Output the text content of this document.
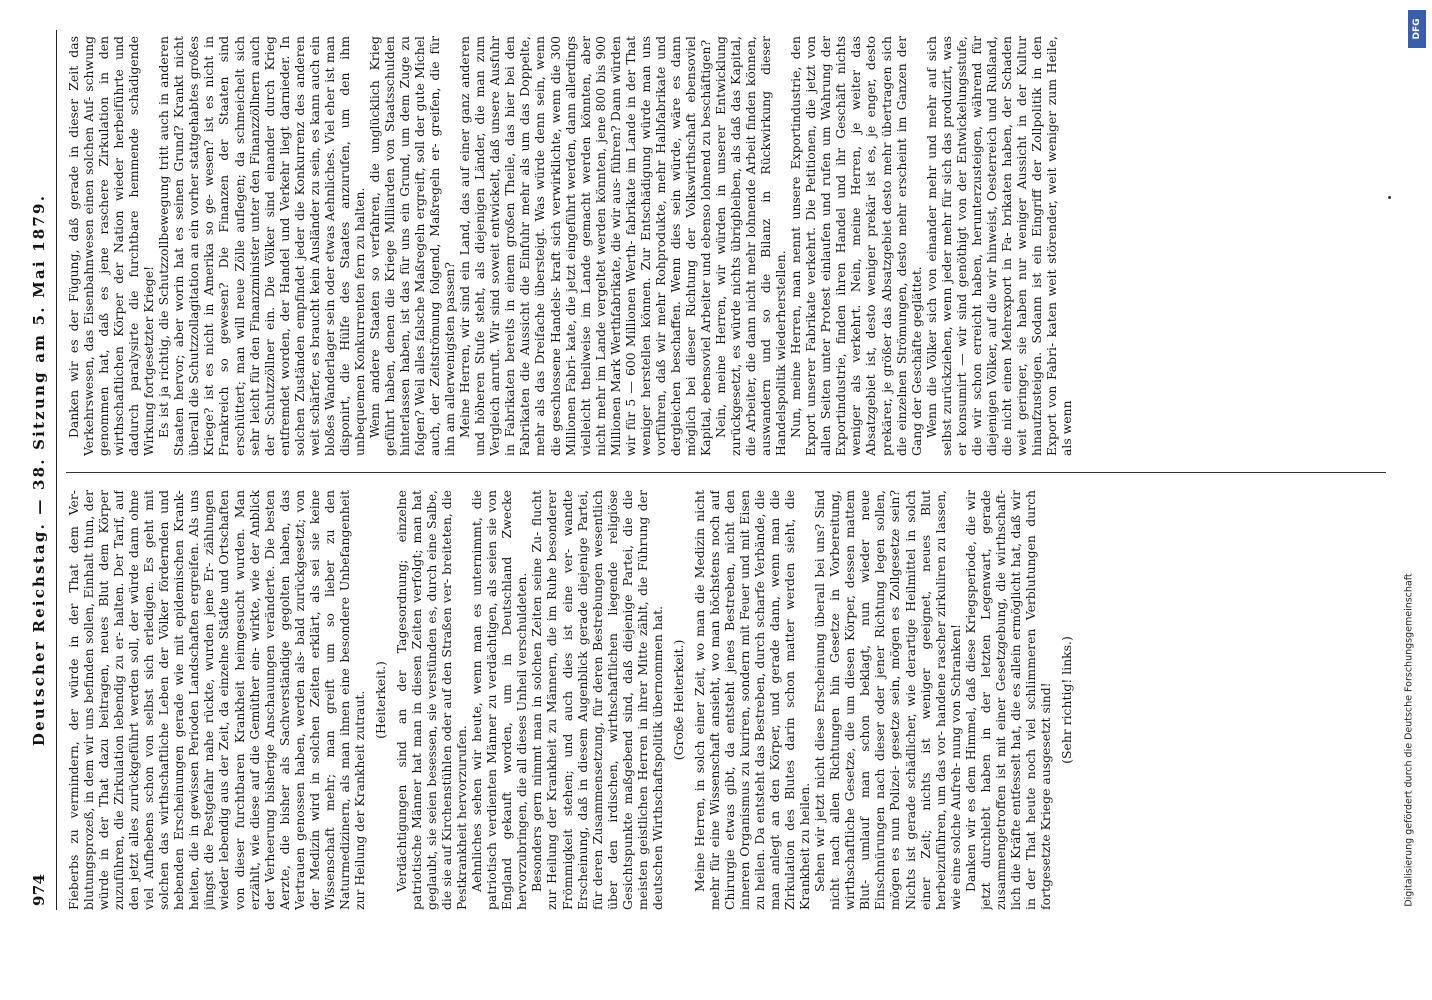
974
Deutscher Reichstag. — 38. Sitzung am 5. Mai 1879. Fieberbs zu vermindern, der würde in der That dem Ver- blutungsprozeß, in dem wir uns befinden sollen, Einhalt thun, der würde in der That dazu beitragen, neues Blut dem Körper zuzuführen, die Zirkulation lebendig zu er- halten. Der Tarif, auf den jetzt alles zurückgeführt werden soll, der würde dann ohne viel Aufhebens schon von selbst sich erledigen. Es geht mit solchen das wirthschaftliche Leben der Völker fördernden und hebenden Erscheinungen gerade wie mit epidemischen Krank- heiten, die in gewissen Perioden Landschaften ergreifen. Als uns jüngst die Pestgefahr nahe rückte, wurden jene Er- zählungen wieder lebendig aus der Zeit, da einzelne Städte und Ortschaften von dieser furchtbaren Krankheit heimgesucht wurden. Man erzählt, wie diese auf die Gemüther ein- wirkte, wie der Anblick der Verheerung bisherige Anschauungen veränderte. Die besten Aerzte, die bisher als Sachverständige gegolten haben, das Vertrauen genossen haben, werden als- bald zurückgesetzt; von der Medizin wird in solchen Zeiten erklärt, als sei sie keine Wissenschaft mehr; man greift um so lieber zu den Naturmedizinern, als man ihnen eine besondere Unbefangenheit zur Heilung der Krankheit zutraut. (Heiterkeit.) Verdächtigungen sind an der Tagesordnung; einzelne patriotische Männer hat man in diesen Zeiten verfolgt; man hat geglaubt, sie seien besessen, sie verstünden es, durch eine Salbe, die sie auf Kirchenstühlen oder auf den Straßen ver- breiteten, die Pestkrankheit hervorzurufen. Aehnliches sehen wir heute, wenn man es unternimmt, die patriotisch verdienten Männer zu verdächtigen, als seien sie von England gekauft worden, um in Deutschland Zwecke hervorzubringen, die all dieses Unheil verschuldeten. Besonders gern nimmt man in solchen Zeiten seine Zu- flucht zur Heilung der Krankheit zu Männern, die im Ruhe besonderer Frömmigkeit stehen; und auch dies ist eine ver- wandte Erscheinung, daß in diesem Augenblick gerade diejenige Partei, für deren Zusammensetzung, für deren Bestrebungen wesentlich über den irdischen, wirthschaftlichen liegende religiöse Gesichtspunkte maßgebend sind, daß diejenige Partei, die die meisten geistlichen Herren in ihrer Mitte zählt, die Führung der deutschen Wirthschaftspolitik übernommen hat. (Große Heiterkeit.) Meine Herren, in solch einer Zeit, wo man die Medizin nicht mehr für eine Wissenschaft ansieht, wo man höchstens noch auf Chirurgie etwas gibt, da entsteht jenes Bestreben, nicht den inneren Organismus zu kuriren, sondern mit Feuer und mit Eisen zu heilen. Da entsteht das Bestreben, durch scharfe Verbände, die man anlegt an den Körper, und gerade dann, wenn man die Zirkulation des Blutes darin schon matter werden sieht, die Krankheit zu heilen. Sehen wir jetzt nicht diese Erscheinung überall bei uns? Sind nicht nach allen Richtungen hin Gesetze in Vorbereitung, wirthschaftliche Gesetze, die um diesen Körper, dessen mattem Blut- umlauf man schon beklagt, nun wieder neue Einschnürungen nach dieser oder jener Richtung legen sollen, mögen es nun Polizei- gesetze sein, mögen es Zollgesetze sein? Nichts ist gerade schädlicher, wie derartige Heilmittel in solch einer Zeit; nichts ist weniger geeignet, neues Blut herbeizuführen, um das vor- handene rascher zirkuliren zu lassen, wie eine solche Aufreh- nung von Schranken! Danken wir es dem Himmel, daß diese Kriegsperiode, die wir jetzt durchlebt haben in der letzten Legenwart, gerade zusammengetroffen ist mit einer Gesetzgebung, die wirthschaft- lich die Kräfte entfesselt hat, die es allein ermöglicht hat, daß wir in der That heute noch viel schlimmeren Verblutungen durch fortgesetzte Kriege ausgesetzt sind! (Sehr richtig! links.)

Danken wir es der Fügung, daß gerade in dieser Zeit das Verkehrswesen, das Eisenbahnwesen einen solchen Auf- schwung genommen hat, daß es jene raschere Zirkulation in den wirthschaftlichen Körper der Nation wieder herbeiführte und dadurch paralysirte die furchtbare hemmende schädigende Wirkung fortgesetzter Kriege! Es ist ja richtig, die Schutzzollbewegung tritt auch in anderen Staaten hervor; aber worin hat es seinen Grund? Krankt nicht überall die Schutzzollagitation an ein vorher stattgehabtes großes Kriege? ist es nicht in Amerika so ge- wesen? ist es nicht in Frankreich so gewesen? Die Finanzen der Staaten sind erschüttert; man will neue Zölle auflegen; da schmeichelt sich sehr leicht für den Finanzminister unter den Finanzzöllnern auch der Schutzzöllner ein. Die Völker sind einander durch Krieg entfremdet worden, der Handel und Verkehr liegt darnieder. In solchen Zuständen empfindet jeder die Konkurrenz des anderen weit schärfer, es braucht kein Ausländer zu sein, es kann auch ein bloßes Wanderlager sein oder etwas Aehnliches. Viel eher ist man disponirt, die Hülfe des Staates anzurufen, um den ihm unbequemen Konkurrenten fern zu halten. Wenn andere Staaten so verfahren, die unglücklich Krieg geführt haben, denen die Kriege Milliarden von Staatsschulden hinterlassen haben, ist das für uns ein Grund, um dem Zuge zu folgen? Weil alles falsche Maßregeln ergreift, soll der gute Michel auch, der Zeitströmung folgend, Maßregeln er- greifen, die für ihn am allerwenigsten passen? Meine Herren, wir sind ein Land, das auf einer ganz anderen und höheren Stufe steht, als diejenigen Länder, die man zum Vergleich anruft. Wir sind soweit entwickelt, daß unsere Ausfuhr in Fabrikaten bereits in einem großen Theile, das hier bei den Fabrikaten die Aussicht die Einfuhr mehr als um das Doppelte, mehr als das Dreifache übersteigt. Was würde denn sein, wenn die geschlossene Handels- kraft sich verwirklichte, wenn die 300 Millionen Fabri- kate, die jetzt eingeführt werden, dann allerdings vielleicht theilweise im Lande gemacht werden könnten, aber nicht mehr im Lande vergeltet werden könnten, jene 800 bis 900 Millionen Mark Werthfabrikate, die wir aus- führen? Dann würden wir für 5 — 600 Millionen Werth- fabrikate im Lande in der That weniger herstellen können. Zur Entschädigung würde man uns vorführen, daß wir mehr Rohprodukte, mehr Halbfabrikate und dergleichen beschaffen. Wenn dies sein würde, wäre es dann möglich bei dieser Richtung der Volkswirthschaft ebensoviel Kapital, ebensoviel Arbeiter und ebenso lohnend zu beschäftigen? Nein, meine Herren, wir würden in unserer Entwicklung zurückgesetzt, es würde nichts übrigbleiben, als daß das Kapital, die Arbeiter, die dann nicht mehr lohnende Arbeit finden können, auswandern und so die Bilanz in Rückwirkung dieser Handelspolitik wiederherstellen. Nun, meine Herren, man nennt unsere Exportindustrie, den Export unserer Fabrikate verkehrt. Die Petitionen, die jetzt von allen Seiten unter Protest einlaufen und rufen um Wahrung der Exportindustrie, finden ihren Handel und ihr Geschäft nichts weniger als verkehrt. Nein, meine Herren, je weiter das Absatzgebiet ist, desto weniger prekär ist es, je enger, desto prekärer, je größer das Absatzgebiet desto mehr übertragen sich die einzelnen Strömungen, desto mehr erscheint im Ganzen der Gang der Geschäfte geglättet. Wenn die Völker sich von einander mehr und mehr auf sich selbst zurückziehen, wenn jeder mehr für sich das produzirt, was er konsumirt — wir sind genöthigt von der Entwickelungsstufe, die wir schon erreicht haben, herunterzusteigen, während für diejenigen Völker, auf die wir hinweist, Oesterreich und Rußland, die nicht einen Mehrexport in Fa- brikaten haben, der Schaden weit geringer, sie haben nur weniger Aussicht in der Kultur hinaufzusteigen. Sodann ist ein Eingriff der Zollpolitik in den Export von Fabri- katen weit störender, weit weniger zum Heile, als wenn

Digitalisierung gefördert durch die Deutsche Forschungsgemeinschaft
DFG
